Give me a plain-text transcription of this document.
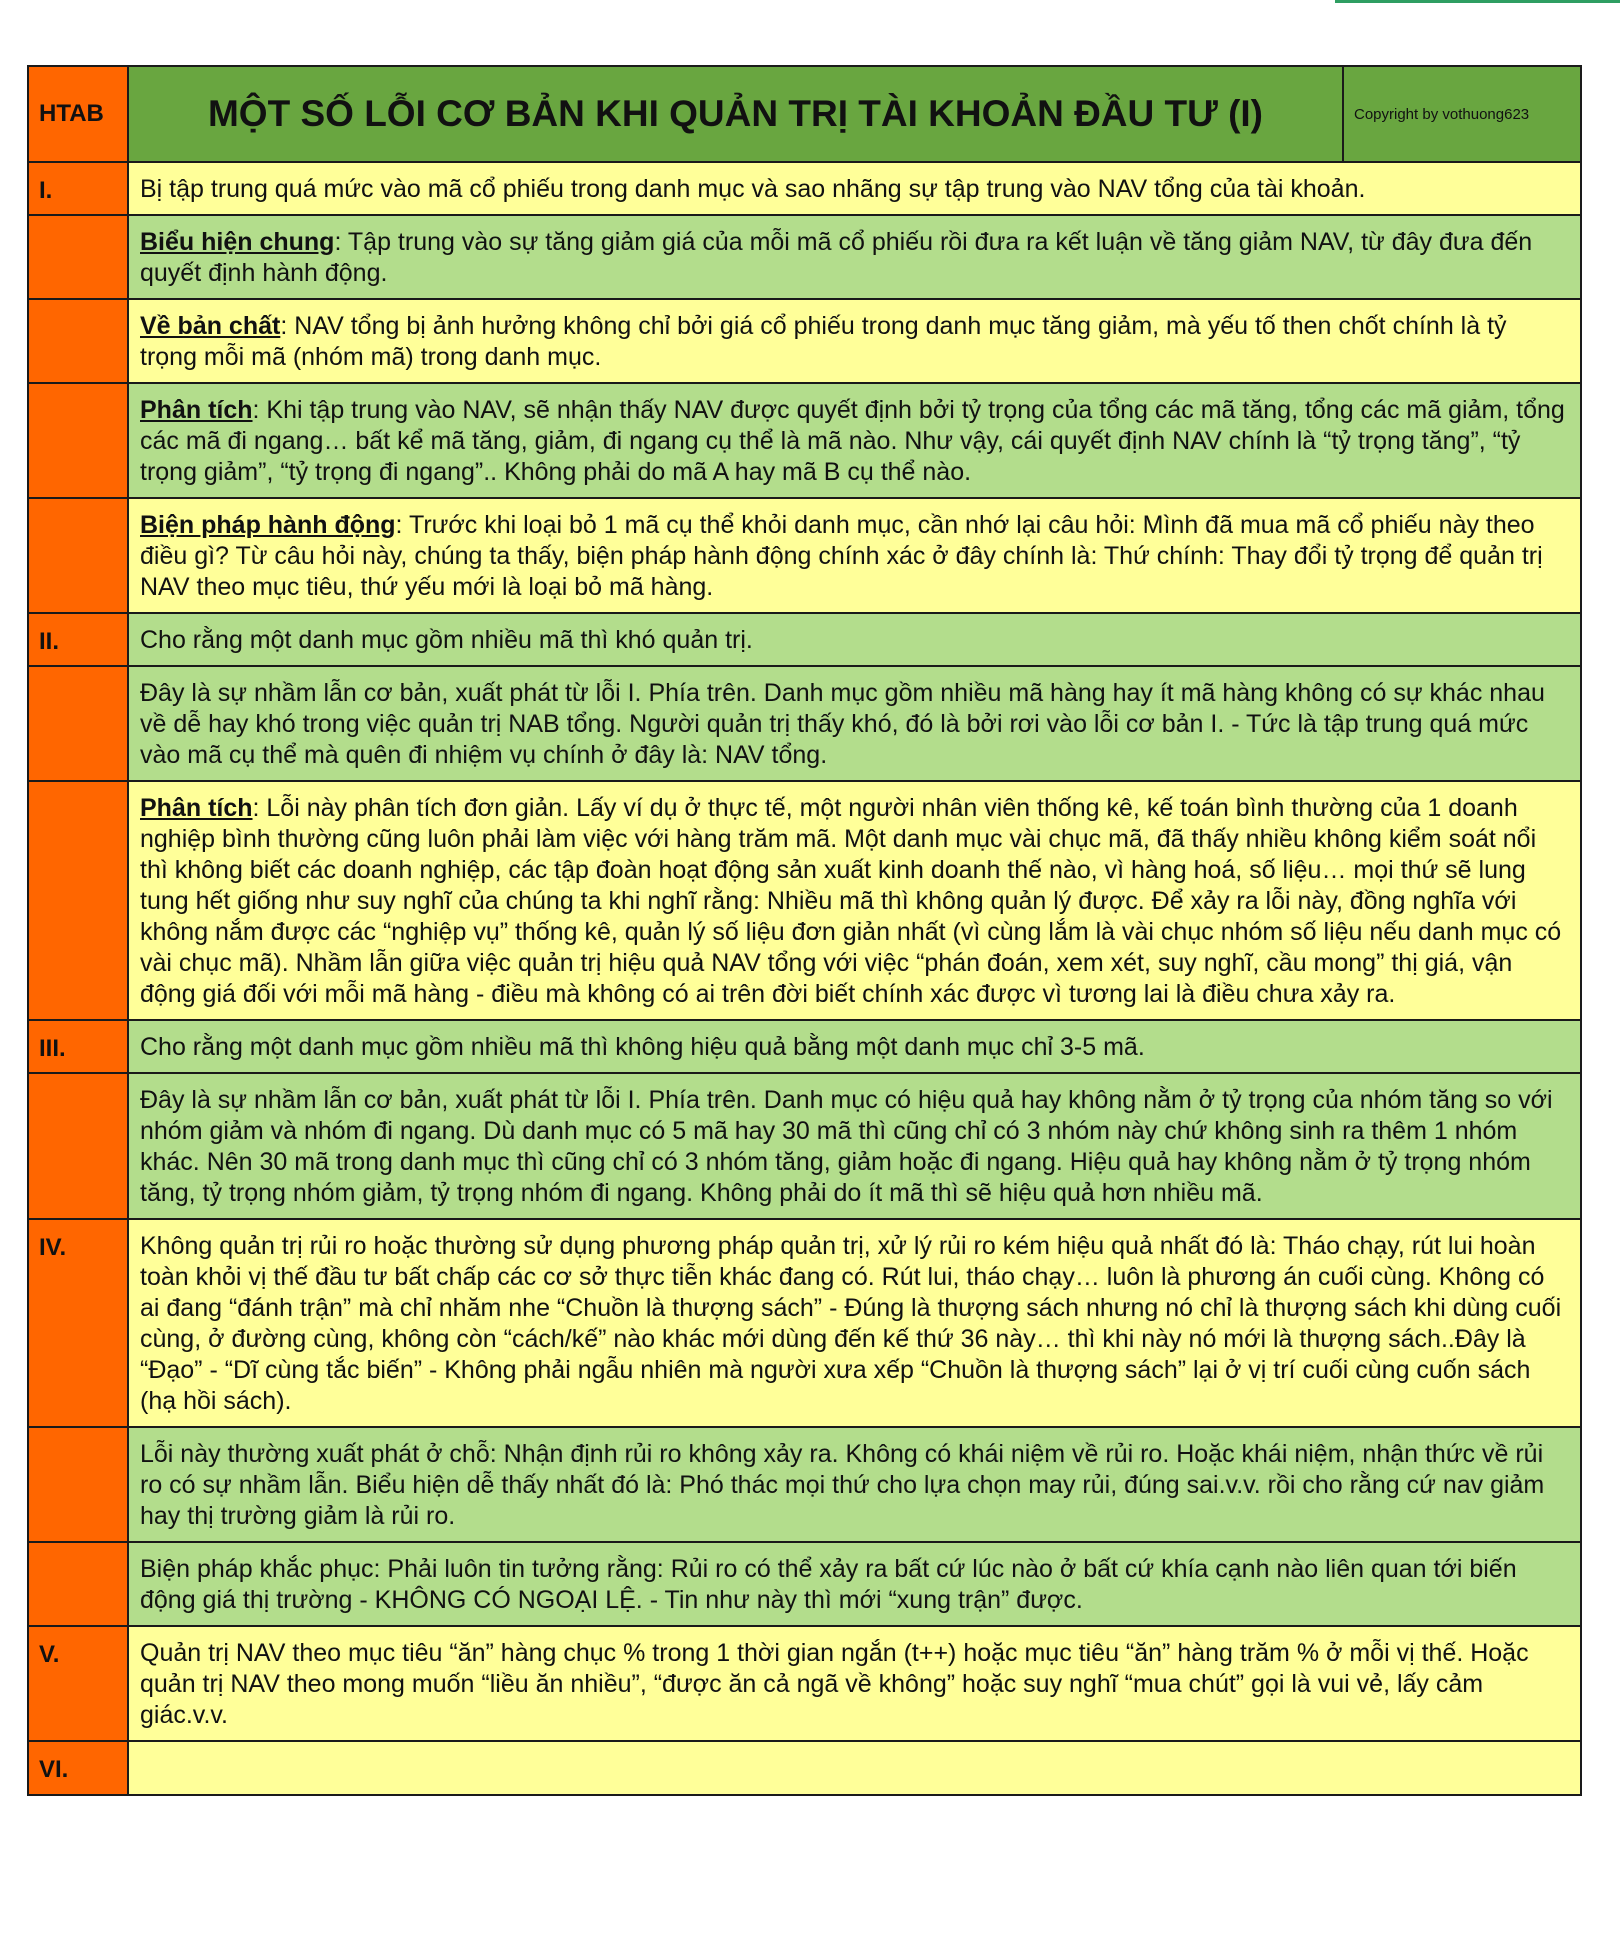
HTAB	MỘT SỐ LỖI CƠ BẢN KHI QUẢN TRỊ TÀI KHOẢN ĐẦU TƯ (I)	Copyright by vothuong623
I.	Bị tập trung quá mức vào mã cổ phiếu trong danh mục và sao nhãng sự tập trung vào NAV tổng của tài khoản.	
	Biểu hiện chung: Tập trung vào sự tăng giảm giá của mỗi mã cổ phiếu rồi đưa ra kết luận về tăng giảm NAV, từ đây đưa đến quyết định hành động.	
	Về bản chất: NAV tổng bị ảnh hưởng không chỉ bởi giá cổ phiếu trong danh mục tăng giảm, mà yếu tố then chốt chính là tỷ trọng mỗi mã (nhóm mã) trong danh mục.	
	Phân tích: Khi tập trung vào NAV, sẽ nhận thấy NAV được quyết định bởi tỷ trọng của tổng các mã tăng, tổng các mã giảm, tổng các mã đi ngang… bất kể mã tăng, giảm, đi ngang cụ thể là mã nào. Như vậy, cái quyết định NAV chính là “tỷ trọng tăng”, “tỷ trọng giảm”, “tỷ trọng đi ngang”.. Không phải do mã A hay mã B cụ thể nào.	
	Biện pháp hành động: Trước khi loại bỏ 1 mã cụ thể khỏi danh mục, cần nhớ lại câu hỏi: Mình đã mua mã cổ phiếu này theo điều gì? Từ câu hỏi này, chúng ta thấy, biện pháp hành động chính xác ở đây chính là: Thứ chính: Thay đổi tỷ trọng để quản trị NAV theo mục tiêu, thứ yếu mới là loại bỏ mã hàng.	
II.	Cho rằng một danh mục gồm nhiều mã thì khó quản trị.	
	Đây là sự nhầm lẫn cơ bản, xuất phát từ lỗi I. Phía trên. Danh mục gồm nhiều mã hàng hay ít mã hàng không có sự khác nhau về dễ hay khó trong việc quản trị NAB tổng. Người quản trị thấy khó, đó là bởi rơi vào lỗi cơ bản I. - Tức là tập trung quá mức vào mã cụ thể mà quên đi nhiệm vụ chính ở đây là: NAV tổng.	
	Phân tích: Lỗi này phân tích đơn giản. Lấy ví dụ ở thực tế, một người nhân viên thống kê, kế toán bình thường của 1 doanh nghiệp bình thường cũng luôn phải làm việc với hàng trăm mã. Một danh mục vài chục mã, đã thấy nhiều không kiểm soát nổi thì không biết các doanh nghiệp, các tập đoàn hoạt động sản xuất kinh doanh thế nào, vì hàng hoá, số liệu… mọi thứ sẽ lung tung hết giống như suy nghĩ của chúng ta khi nghĩ rằng: Nhiều mã thì không quản lý được. Để xảy ra lỗi này, đồng nghĩa với không nắm được các “nghiệp vụ” thống kê, quản lý số liệu đơn giản nhất (vì cùng lắm là vài chục nhóm số liệu nếu danh mục có vài chục mã). Nhầm lẫn giữa việc quản trị hiệu quả NAV tổng với việc “phán đoán, xem xét, suy nghĩ, cầu mong” thị giá, vận động giá đối với mỗi mã hàng - điều mà không có ai trên đời biết chính xác được vì tương lai là điều chưa xảy ra.	
III.	Cho rằng một danh mục gồm nhiều mã thì không hiệu quả bằng một danh mục chỉ 3-5 mã.	
	Đây là sự nhầm lẫn cơ bản, xuất phát từ lỗi I. Phía trên. Danh mục có hiệu quả hay không nằm ở tỷ trọng của nhóm tăng so với nhóm giảm và nhóm đi ngang. Dù danh mục có 5 mã hay 30 mã thì cũng chỉ có 3 nhóm này chứ không sinh ra thêm 1 nhóm khác. Nên 30 mã trong danh mục thì cũng chỉ có 3 nhóm tăng, giảm hoặc đi ngang. Hiệu quả hay không nằm ở tỷ trọng nhóm tăng, tỷ trọng nhóm giảm, tỷ trọng nhóm đi ngang. Không phải do ít mã thì sẽ hiệu quả hơn nhiều mã.	
IV.	Không quản trị rủi ro hoặc thường sử dụng phương pháp quản trị, xử lý rủi ro kém hiệu quả nhất đó là: Tháo chạy, rút lui hoàn toàn khỏi vị thế đầu tư bất chấp các cơ sở thực tiễn khác đang có. Rút lui, tháo chạy… luôn là phương án cuối cùng. Không có ai đang “đánh trận” mà chỉ nhăm nhe “Chuồn là thượng sách” - Đúng là thượng sách nhưng nó chỉ là thượng sách khi dùng cuối cùng, ở đường cùng, không còn “cách/kế” nào khác mới dùng đến kế thứ 36 này… thì khi này nó mới là thượng sách..Đây là “Đạo” - “Dĩ cùng tắc biến” - Không phải ngẫu nhiên mà người xưa xếp “Chuồn là thượng sách” lại ở vị trí cuối cùng cuốn sách (hạ hồi sách).	
	Lỗi này thường xuất phát ở chỗ: Nhận định rủi ro không xảy ra. Không có khái niệm về rủi ro. Hoặc khái niệm, nhận thức về rủi ro có sự nhầm lẫn. Biểu hiện dễ thấy nhất đó là: Phó thác mọi thứ cho lựa chọn may rủi, đúng sai.v.v. rồi cho rằng cứ nav giảm hay thị trường giảm là rủi ro.	
	Biện pháp khắc phục: Phải luôn tin tưởng rằng: Rủi ro có thể xảy ra bất cứ lúc nào ở bất cứ khía cạnh nào liên quan tới biến động giá thị trường - KHÔNG CÓ NGOẠI LỆ. - Tin như này thì mới “xung trận” được.	
V.	Quản trị NAV theo mục tiêu “ăn” hàng chục % trong 1 thời gian ngắn (t++) hoặc mục tiêu “ăn” hàng trăm % ở mỗi vị thế. Hoặc quản trị NAV theo mong muốn “liều ăn nhiều”, “được ăn cả ngã về không” hoặc suy nghĩ “mua chút” gọi là vui vẻ, lấy cảm giác.v.v.	
VI.		
